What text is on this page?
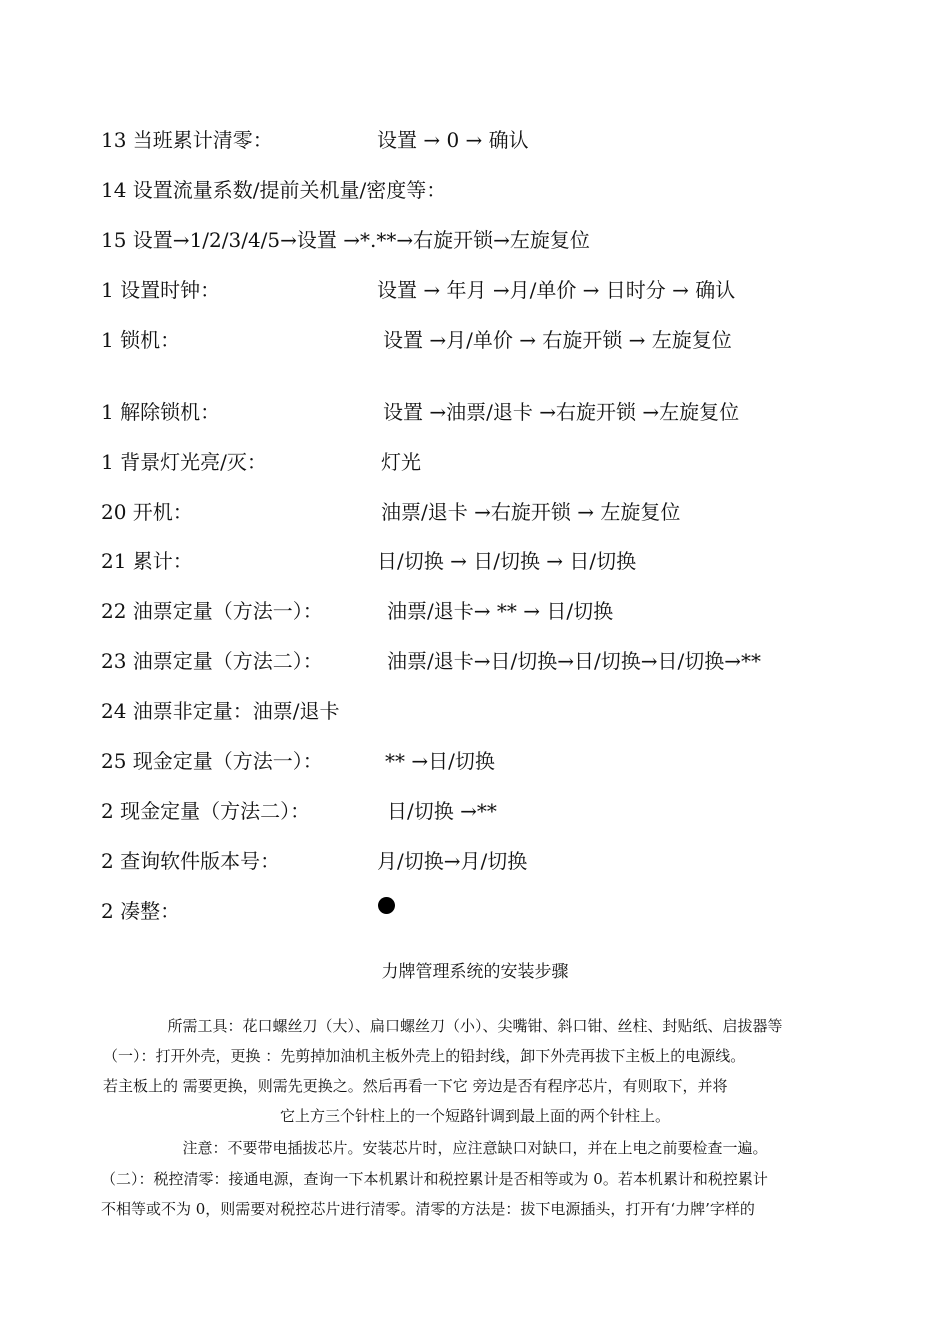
13 当班累计清零：	设置 → 0 → 确认
14 设置流量系数/提前关机量/密度等：
15 设置→1/2/3/4/5→设置 →*.**→右旋开锁→左旋复位
1 设置时钟：	设置 → 年月 →月/单价 → 日时分 → 确认
1 锁机：	设置 →月/单价 → 右旋开锁 → 左旋复位
1 解除锁机：	设置 →油票/退卡 →右旋开锁 →左旋复位
1 背景灯光亮/灭：	灯光
20 开机：	油票/退卡 →右旋开锁 → 左旋复位
21 累计：	日/切换 → 日/切换 → 日/切换
22 油票定量（方法一）：	油票/退卡→ ** → 日/切换
23 油票定量（方法二）：	油票/退卡→日/切换→日/切换→日/切换→**
24 油票非定量：油票/退卡
25 现金定量（方法一）：	** →日/切换
2 现金定量（方法二）：	日/切换 →**
2 查询软件版本号：	月/切换→月/切换
2 凑整：
力牌管理系统的安装步骤
所需工具：花口螺丝刀（大）、扁口螺丝刀（小）、尖嘴钳、斜口钳、丝柱、封贴纸、启拔器等
（一）：打开外壳，更换 ：先剪掉加油机主板外壳上的铅封线，卸下外壳再拔下主板上的电源线。
若主板上的 需要更换，则需先更换之。然后再看一下它 旁边是否有程序芯片，有则取下，并将
它上方三个针柱上的一个短路针调到最上面的两个针柱上。
注意：不要带电插拔芯片。安装芯片时，应注意缺口对缺口，并在上电之前要检查一遍。
（二）：税控清零：接通电源，查询一下本机累计和税控累计是否相等或为 0。若本机累计和税控累计
不相等或不为 0，则需要对税控芯片进行清零。清零的方法是：拔下电源插头，打开有‘力牌’字样的
